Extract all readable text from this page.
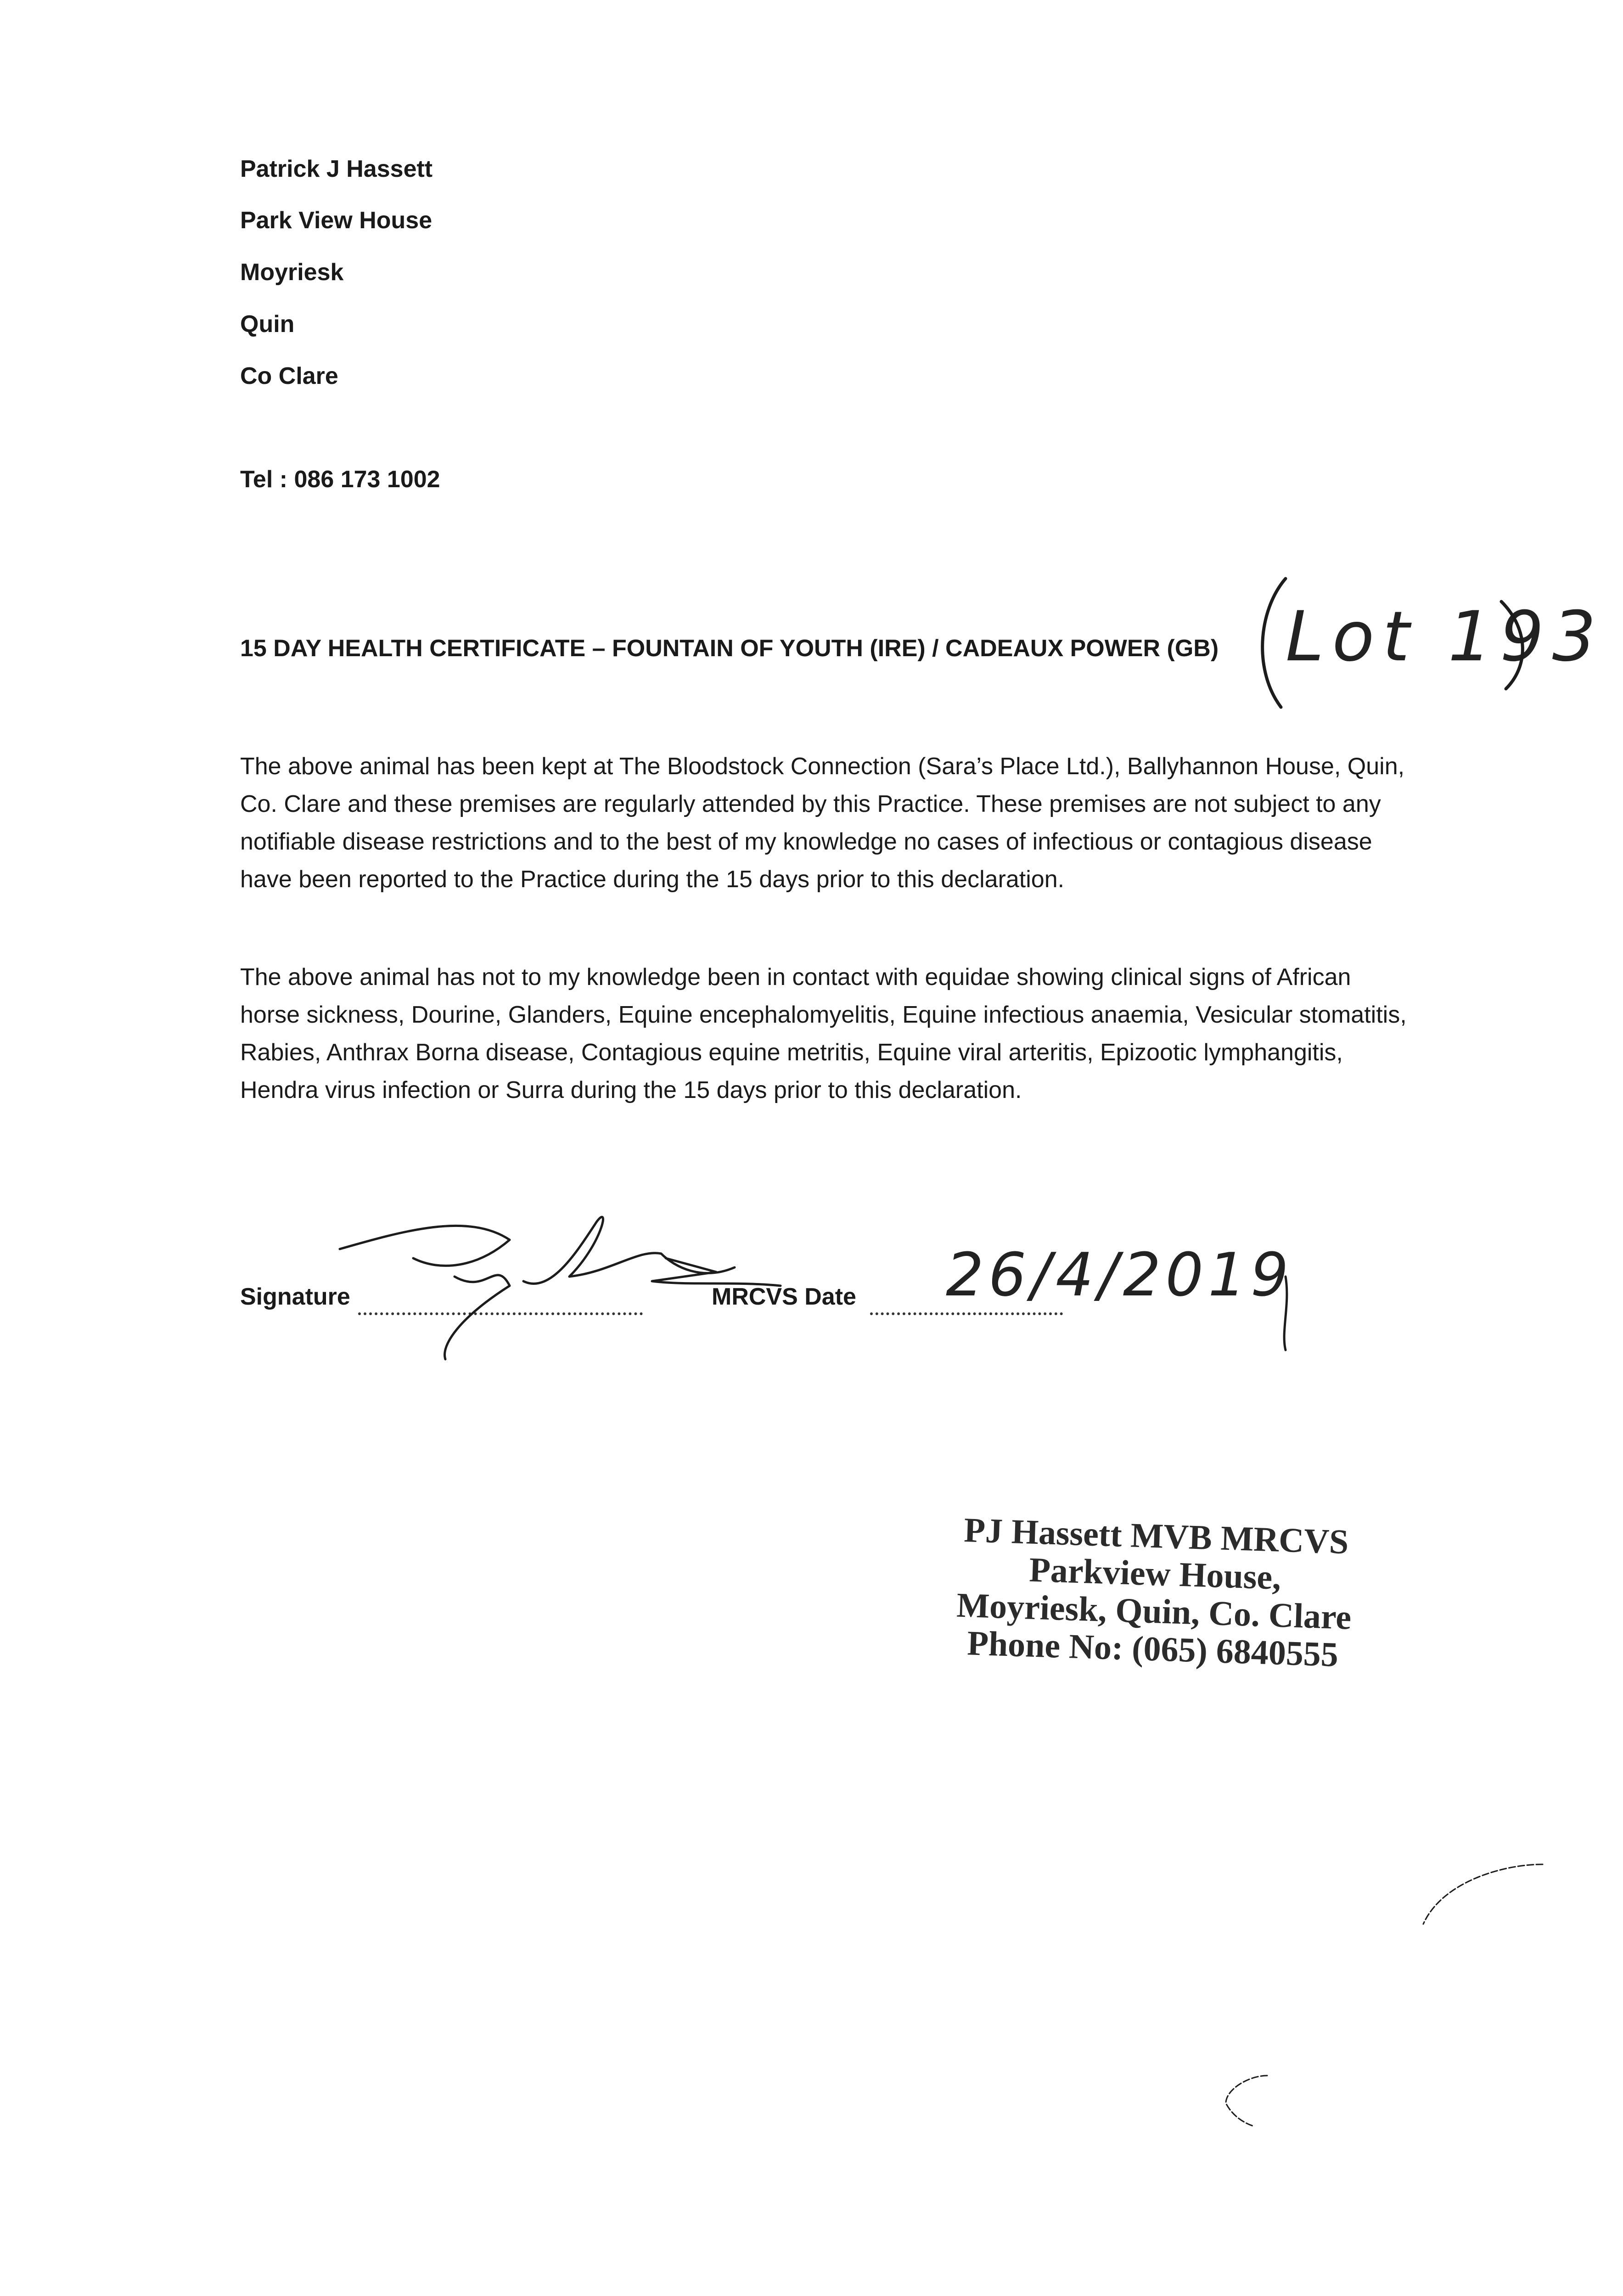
Patrick J Hassett
Park View House
Moyriesk
Quin
Co Clare
Tel : 086 173 1002
15 DAY HEALTH CERTIFICATE – FOUNTAIN OF YOUTH (IRE) / CADEAUX POWER (GB) Lot 193
The above animal has been kept at The Bloodstock Connection (Sara’s Place Ltd.), Ballyhannon House, Quin, Co. Clare and these premises are regularly attended by this Practice. These premises are not subject to any notifiable disease restrictions and to the best of my knowledge no cases of infectious or contagious disease have been reported to the Practice during the 15 days prior to this declaration.
The above animal has not to my knowledge been in contact with equidae showing clinical signs of African horse sickness, Dourine, Glanders, Equine encephalomyelitis, Equine infectious anaemia, Vesicular stomatitis, Rabies, Anthrax Borna disease, Contagious equine metritis, Equine viral arteritis, Epizootic lymphangitis, Hendra virus infection or Surra during the 15 days prior to this declaration.
Signature	MRCVS Date 26/4/2019
PJ Hassett MVB MRCVS
Parkview House,
Moyriesk, Quin, Co. Clare
Phone No: (065) 6840555
